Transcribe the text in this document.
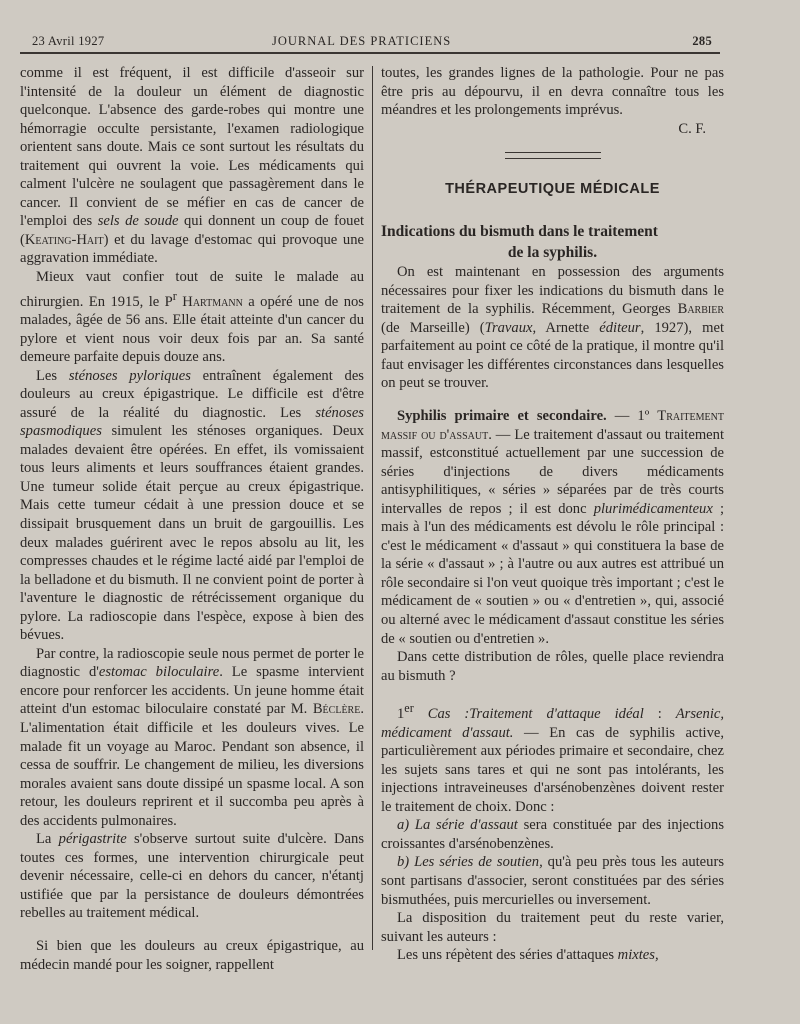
23 Avril 1927	JOURNAL DES PRATICIENS	285

comme il est fréquent, il est difficile d'asseoir sur l'intensité de la douleur un élément de diagnostic quelconque. L'absence des garde-robes qui montre une hémorragie occulte persistante, l'examen radiologique orientent sans doute. Mais ce sont surtout les résultats du traitement qui ouvrent la voie. Les médicaments qui calment l'ulcère ne soulagent que passagèrement dans le cancer. Il convient de se méfier en cas de cancer de l'emploi des sels de soude qui donnent un coup de fouet (Keating-Hait) et du lavage d'estomac qui provoque une aggravation immédiate.

Mieux vaut confier tout de suite le malade au chirurgien. En 1915, le $P^r$ Hartmann a opéré une de nos malades, âgée de 56 ans. Elle était atteinte d'un cancer du pylore et vient nous voir deux fois par an. Sa santé demeure parfaite depuis douze ans.

Les sténoses pyloriques entraînent également des douleurs au creux épigastrique. Le difficile est d'être assuré de la réalité du diagnostic. Les sténoses spasmodiques simulent les sténoses organiques. Deux malades devaient être opérées. En effet, ils vomissaient tous leurs aliments et leurs souffrances étaient grandes. Une tumeur solide était perçue au creux épigastrique. Mais cette tumeur cédait à une pression douce et se dissipait brusquement dans un bruit de gargouillis. Les deux malades guérirent avec le repos absolu au lit, les compresses chaudes et le régime lacté aidé par l'emploi de la belladone et du bismuth. Il ne convient point de porter à l'aventure le diagnostic de rétrécissement organique du pylore. La radioscopie dans l'espèce, expose à bien des bévues.

Par contre, la radioscopie seule nous permet de porter le diagnostic d'estomac biloculaire. Le spasme intervient encore pour renforcer les accidents. Un jeune homme était atteint d'un estomac biloculaire constaté par M. Béclère. L'alimentation était difficile et les douleurs vives. Le malade fit un voyage au Maroc. Pendant son absence, il cessa de souffrir. Le changement de milieu, les diversions morales avaient sans doute dissipé un spasme local. A son retour, les douleurs reprirent et il succomba peu après à des accidents pulmonaires.

La périgastrite s'observe surtout suite d'ulcère. Dans toutes ces formes, une intervention chirurgicale peut devenir nécessaire, celle-ci en dehors du cancer, n'étantj ustifiée que par la persistance de douleurs démontrées rebelles au traitement médical.

Si bien que les douleurs au creux épigastrique, au médecin mandé pour les soigner, rappellent

toutes, les grandes lignes de la pathologie. Pour ne pas être pris au dépourvu, il en devra connaître tous les méandres et les prolongements imprévus.

C. F.

THÉRAPEUTIQUE MÉDICALE
Indications du bismuth dans le traitement
de la syphilis.

On est maintenant en possession des arguments nécessaires pour fixer les indications du bismuth dans le traitement de la syphilis. Récemment, Georges Barbier (de Marseille) (Travaux, Arnette éditeur, 1927), met parfaitement au point ce côté de la pratique, il montre qu'il faut envisager les différentes circonstances dans lesquelles on peut se trouver.

Syphilis primaire et secondaire. — 1º Traitement massif ou d'assaut. — Le traitement d'assaut ou traitement massif, estconstitué actuellement par une succession de séries d'injections de divers médicaments antisyphilitiques, « séries » séparées par de très courts intervalles de repos ; il est donc plurimédicamenteux ; mais à l'un des médicaments est dévolu le rôle principal : c'est le médicament « d'assaut » qui constituera la base de la série « d'assaut » ; à l'autre ou aux autres est attribué un rôle secondaire si l'on veut quoique très important ; c'est le médicament de « soutien » ou « d'entretien », qui, associé ou alterné avec le médicament d'assaut constitue les séries de « soutien ou d'entretien ».

Dans cette distribution de rôles, quelle place reviendra au bismuth ?

1er Cas :Traitement d'attaque idéal : Arsenic, médicament d'assaut. — En cas de syphilis active, particulièrement aux périodes primaire et secondaire, chez les sujets sans tares et qui ne sont pas intolérants, les injections intraveineuses d'arsénobenzènes doivent rester le traitement de choix. Donc :

a) La série d'assaut sera constituée par des injections croissantes d'arsénobenzènes.

b) Les séries de soutien, qu'à peu près tous les auteurs sont partisans d'associer, seront constituées par des séries bismuthées, puis mercurielles ou inversement.

La disposition du traitement peut du reste varier, suivant les auteurs :

Les uns répètent des séries d'attaques mixtes,
